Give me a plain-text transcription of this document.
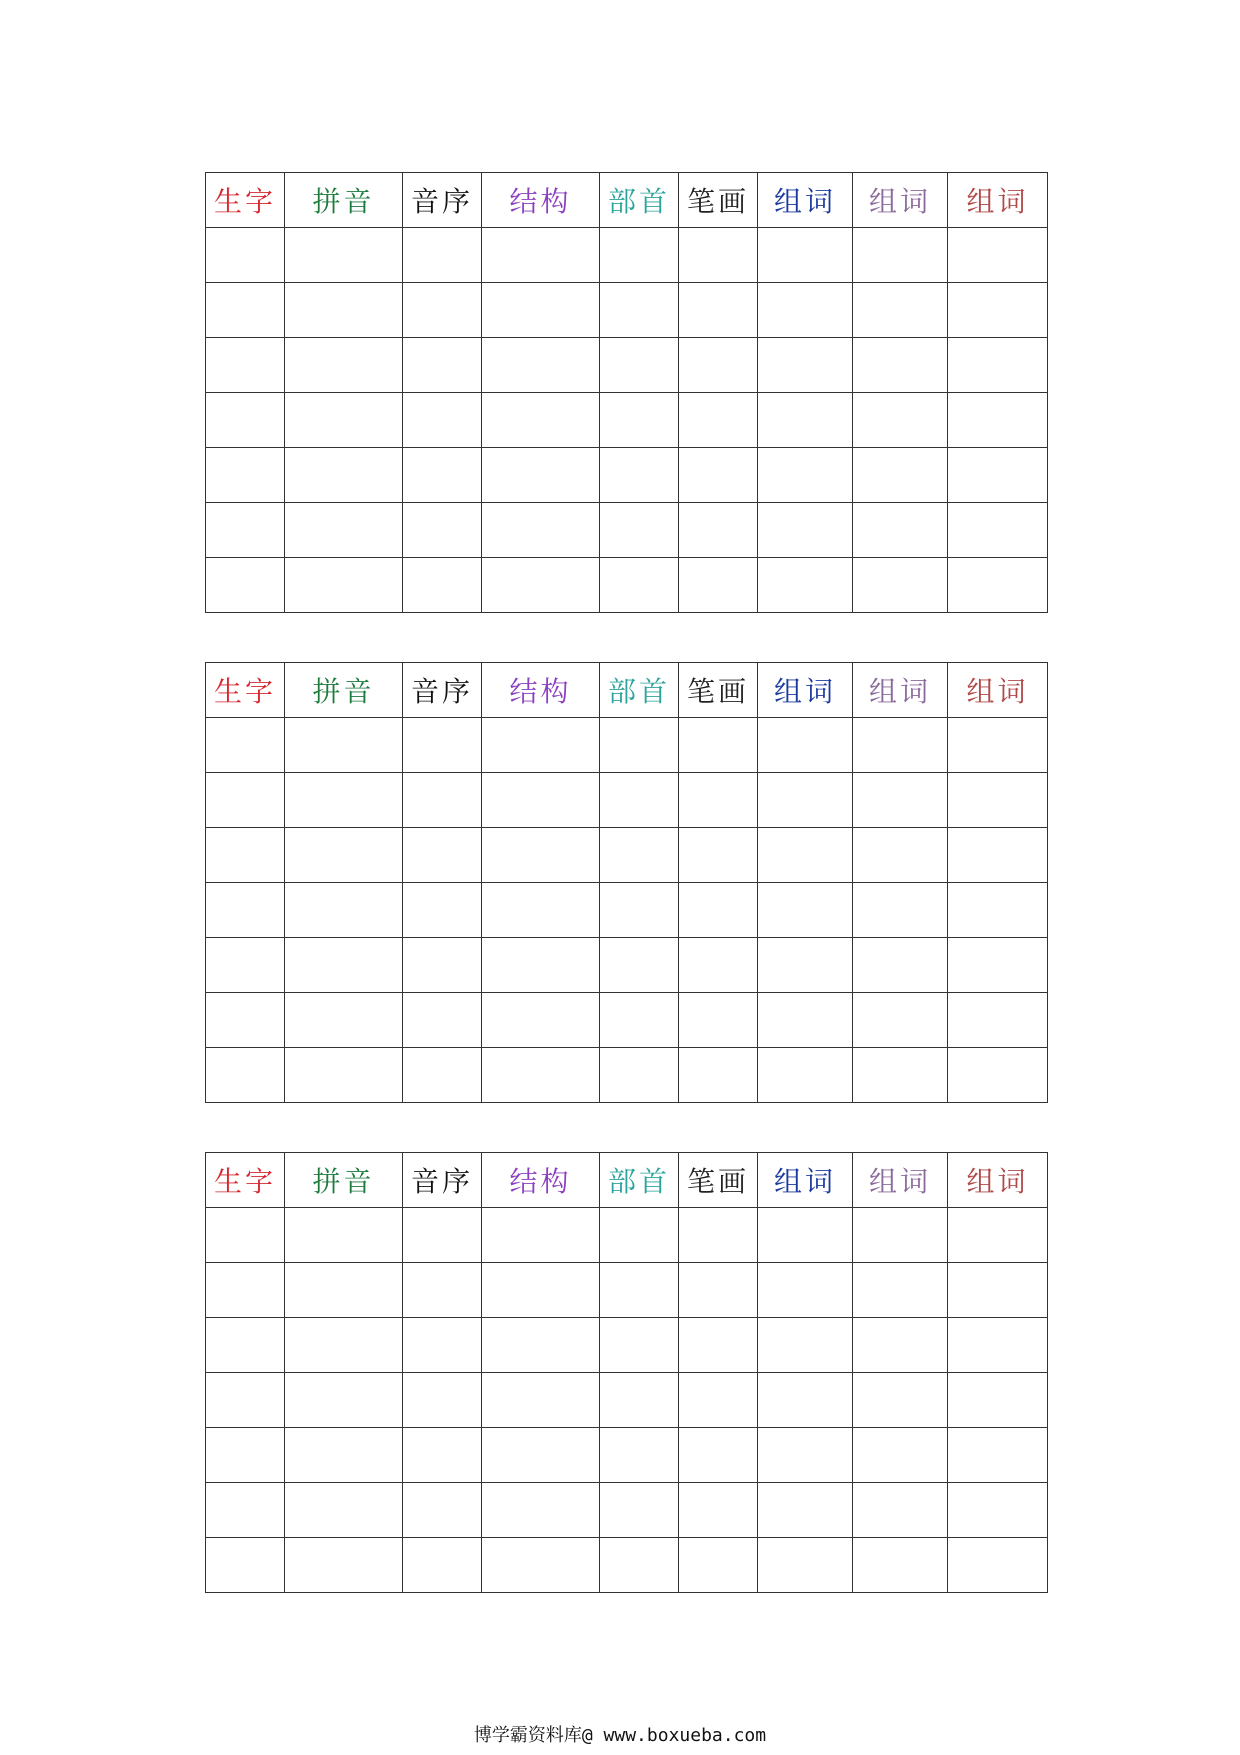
生字	拼音	音序	结构	部首	笔画	组词	组词	组词

生字	拼音	音序	结构	部首	笔画	组词	组词	组词

生字	拼音	音序	结构	部首	笔画	组词	组词	组词

博学霸资料库@ www.boxueba.com
